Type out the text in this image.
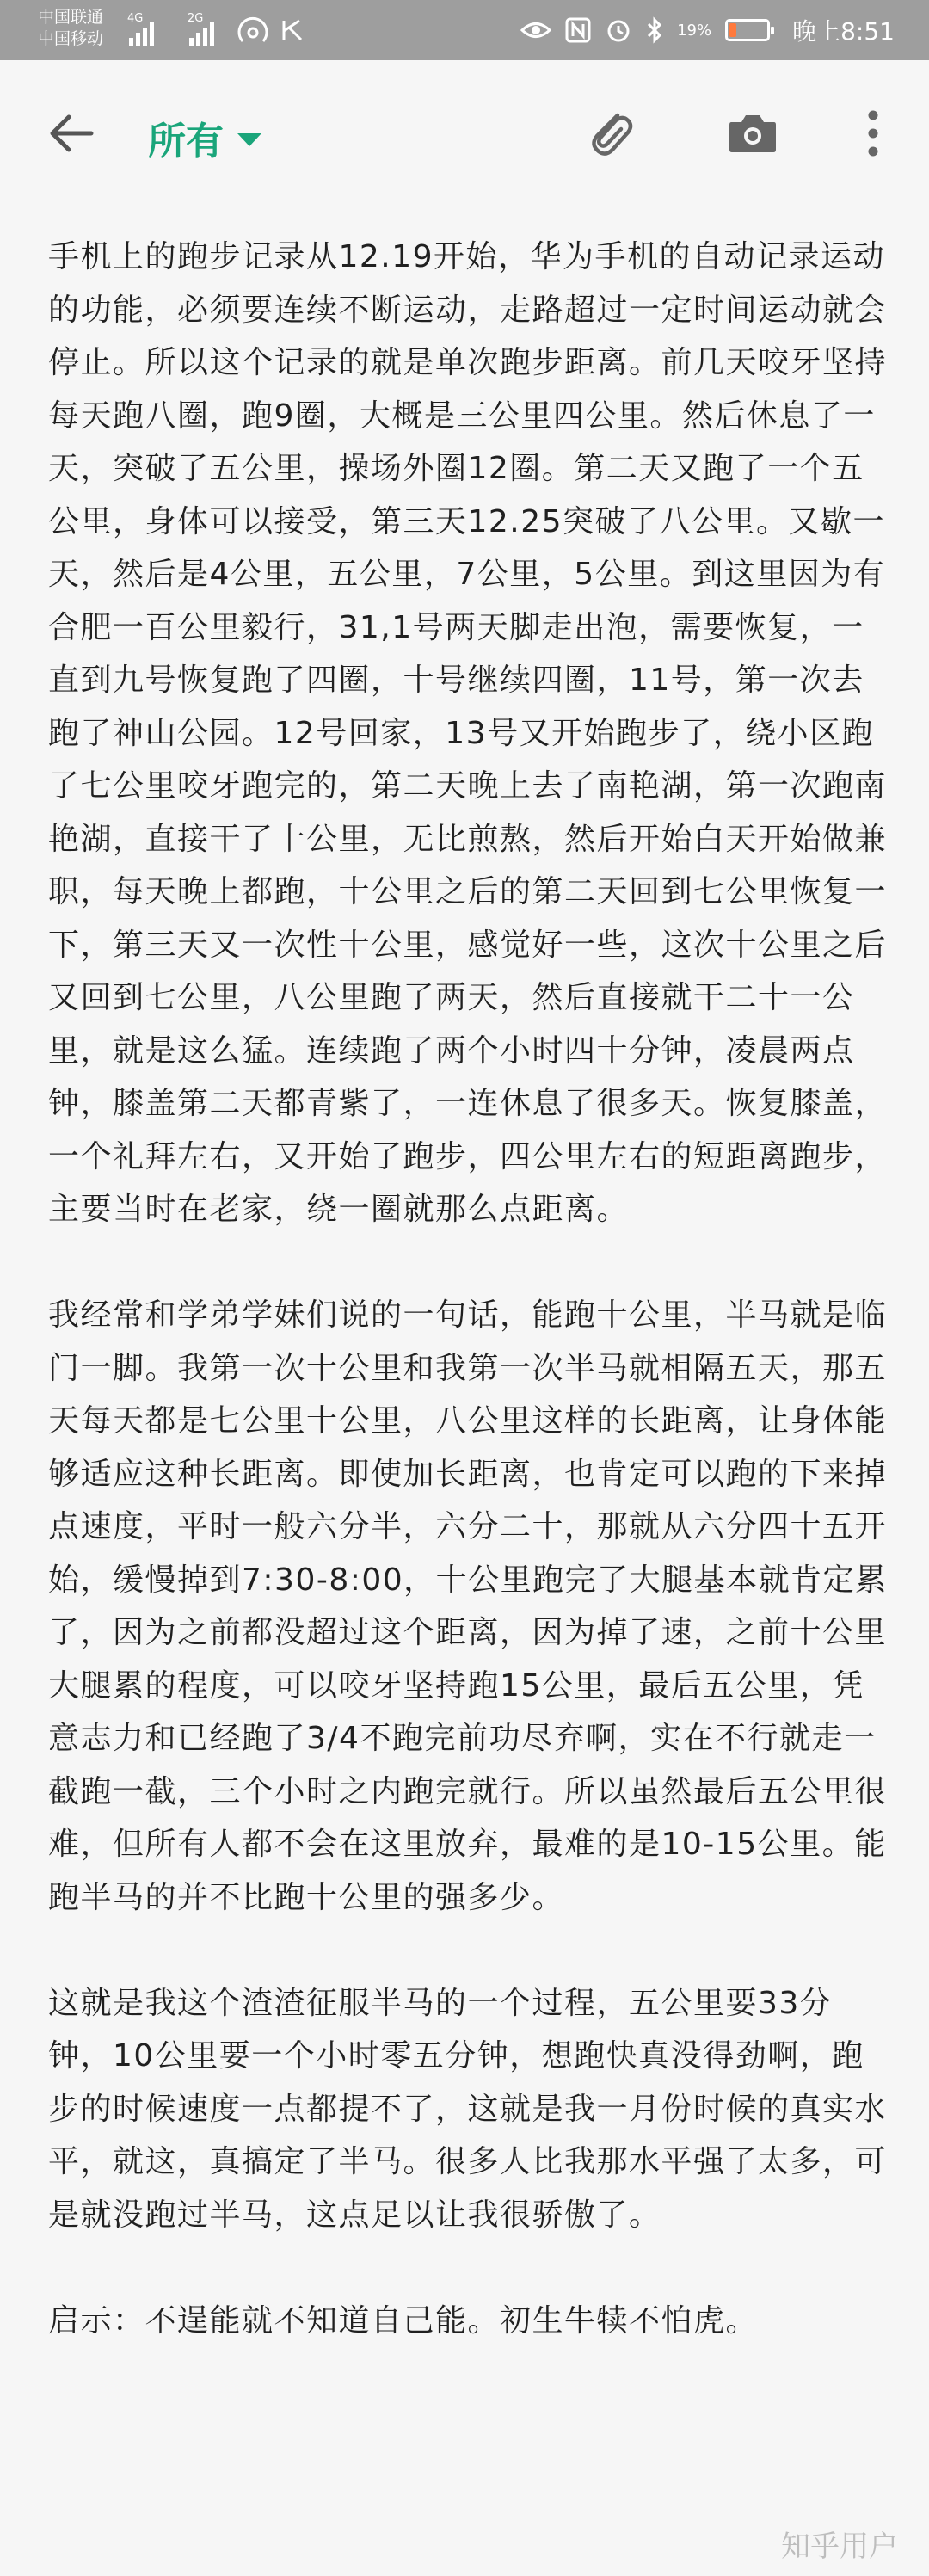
中国联通
中国移动
4G	2G
19%	晚上8:51
所有

手机上的跑步记录从12.19开始，华为手机的自动记录运动的功能，必须要连续不断运动，走路超过一定时间运动就会停止。所以这个记录的就是单次跑步距离。前几天咬牙坚持每天跑八圈，跑9圈，大概是三公里四公里。然后休息了一天，突破了五公里，操场外圈12圈。第二天又跑了一个五公里，身体可以接受，第三天12.25突破了八公里。又歇一天，然后是4公里，五公里，7公里，5公里。到这里因为有合肥一百公里毅行，31,1号两天脚走出泡，需要恢复，一直到九号恢复跑了四圈，十号继续四圈，11号，第一次去跑了神山公园。12号回家，13号又开始跑步了，绕小区跑了七公里咬牙跑完的，第二天晚上去了南艳湖，第一次跑南艳湖，直接干了十公里，无比煎熬，然后开始白天开始做兼职，每天晚上都跑，十公里之后的第二天回到七公里恢复一下，第三天又一次性十公里，感觉好一些，这次十公里之后又回到七公里，八公里跑了两天，然后直接就干二十一公里，就是这么猛。连续跑了两个小时四十分钟，凌晨两点钟，膝盖第二天都青紫了，一连休息了很多天。恢复膝盖，一个礼拜左右，又开始了跑步，四公里左右的短距离跑步，主要当时在老家，绕一圈就那么点距离。

我经常和学弟学妹们说的一句话，能跑十公里，半马就是临门一脚。我第一次十公里和我第一次半马就相隔五天，那五天每天都是七公里十公里，八公里这样的长距离，让身体能够适应这种长距离。即使加长距离，也肯定可以跑的下来掉点速度，平时一般六分半，六分二十，那就从六分四十五开始，缓慢掉到7:30-8:00，十公里跑完了大腿基本就肯定累了，因为之前都没超过这个距离，因为掉了速，之前十公里大腿累的程度，可以咬牙坚持跑15公里，最后五公里，凭意志力和已经跑了3/4不跑完前功尽弃啊，实在不行就走一截跑一截，三个小时之内跑完就行。所以虽然最后五公里很难，但所有人都不会在这里放弃，最难的是10-15公里。能跑半马的并不比跑十公里的强多少。

这就是我这个渣渣征服半马的一个过程，五公里要33分钟，10公里要一个小时零五分钟，想跑快真没得劲啊，跑步的时候速度一点都提不了，这就是我一月份时候的真实水平，就这，真搞定了半马。很多人比我那水平强了太多，可是就没跑过半马，这点足以让我很骄傲了。

启示：不逞能就不知道自己能。初生牛犊不怕虎。

知乎用户
